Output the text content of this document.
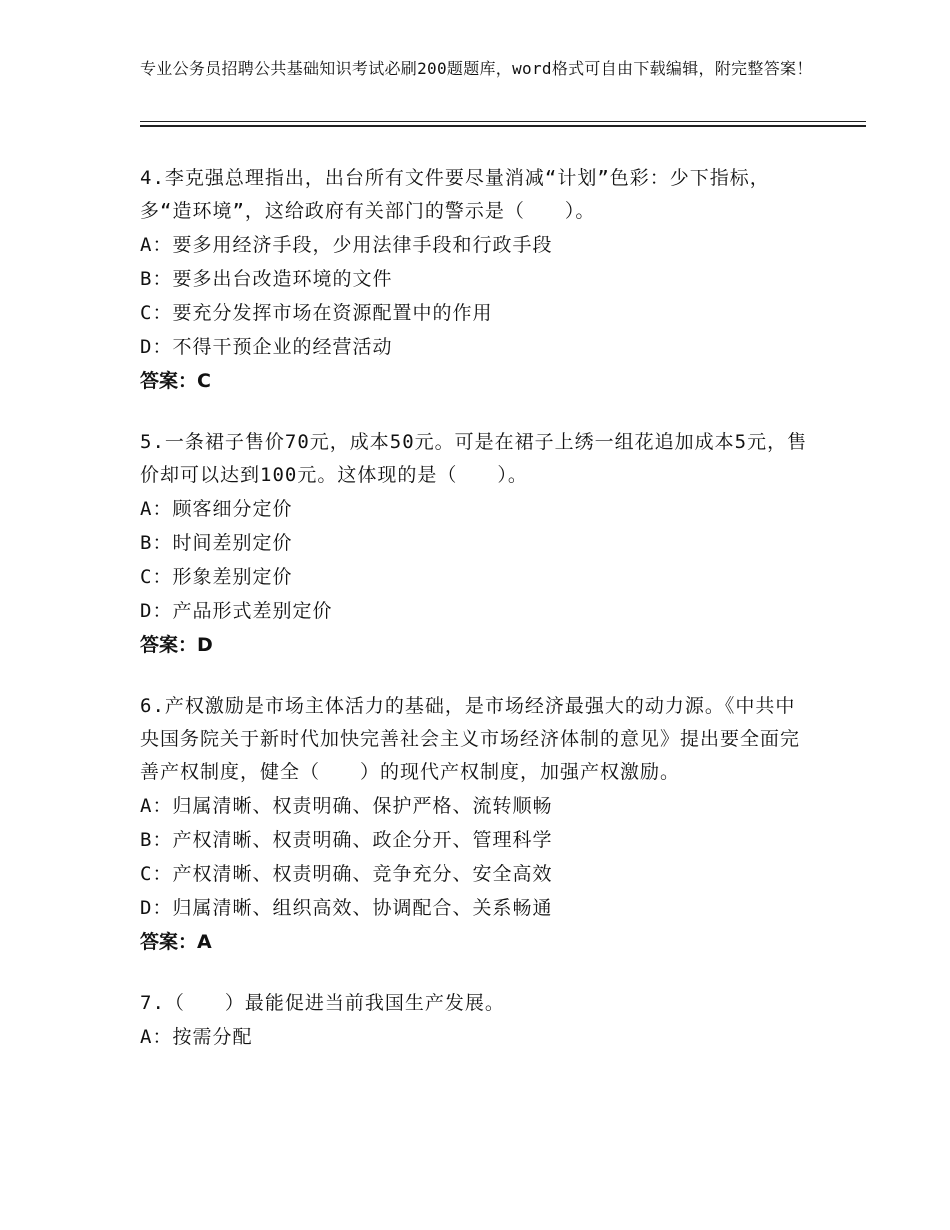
专业公务员招聘公共基础知识考试必刷200题题库，word格式可自由下载编辑，附完整答案！

4.李克强总理指出，出台所有文件要尽量消减“计划”色彩：少下指标，多“造环境”，这给政府有关部门的警示是（　　）。

A：要多用经济手段，少用法律手段和行政手段

B：要多出台改造环境的文件

C：要充分发挥市场在资源配置中的作用

D：不得干预企业的经营活动

答案：C

5.一条裙子售价70元，成本50元。可是在裙子上绣一组花追加成本5元，售价却可以达到100元。这体现的是（　　）。

A：顾客细分定价

B：时间差别定价

C：形象差别定价

D：产品形式差别定价

答案：D

6.产权激励是市场主体活力的基础，是市场经济最强大的动力源。《中共中央国务院关于新时代加快完善社会主义市场经济体制的意见》提出要全面完善产权制度，健全（　　）的现代产权制度，加强产权激励。

A：归属清晰、权责明确、保护严格、流转顺畅

B：产权清晰、权责明确、政企分开、管理科学

C：产权清晰、权责明确、竞争充分、安全高效

D：归属清晰、组织高效、协调配合、关系畅通

答案：A

7.（　　）最能促进当前我国生产发展。

A：按需分配
